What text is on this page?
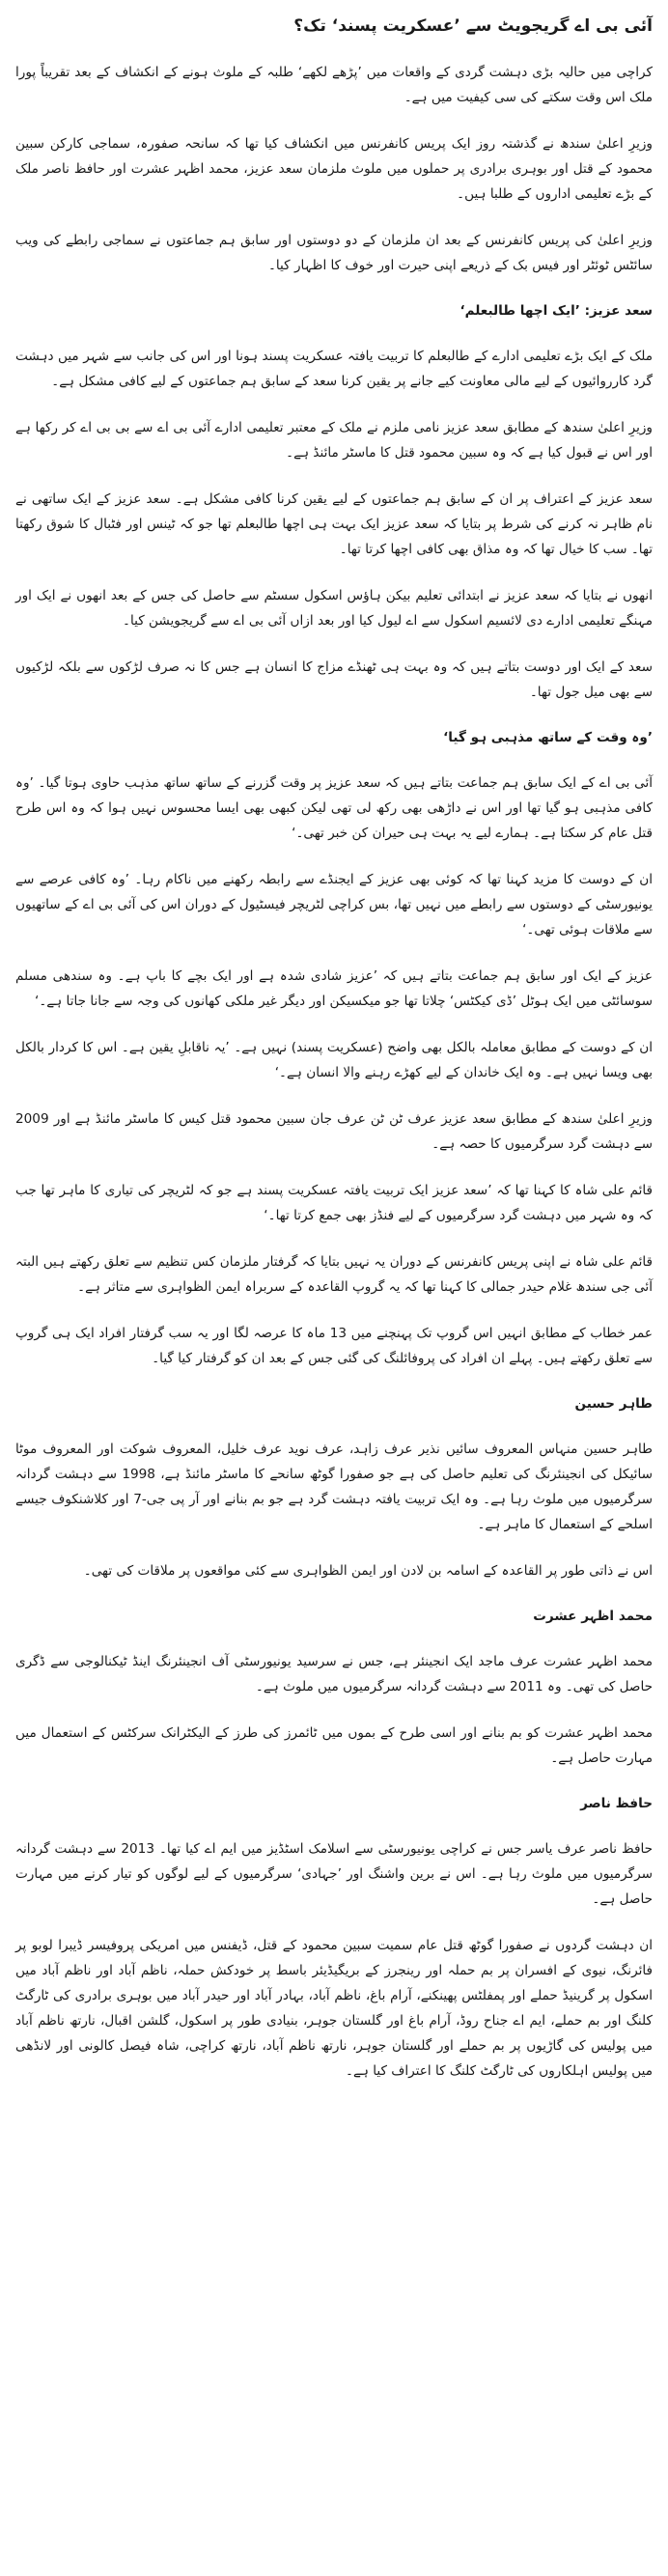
آئی بی اے گریجویٹ سے ’عسکریت پسند‘ تک؟

کراچی میں حالیہ بڑی دہشت گردی کے واقعات میں ’پڑھے لکھے‘ طلبہ کے ملوث ہونے کے انکشاف کے بعد تقریباً پورا ملک اس وقت سکتے کی سی کیفیت میں ہے۔

وزیرِ اعلیٰ سندھ نے گذشتہ روز ایک پریس کانفرنس میں انکشاف کیا تھا کہ سانحہ صفورہ، سماجی کارکن سبین محمود کے قتل اور بوہری برادری پر حملوں میں ملوث ملزمان سعد عزیز، محمد اظہر عشرت اور حافظ ناصر ملک کے بڑے تعلیمی اداروں کے طلبا ہیں۔

وزیرِ اعلیٰ کی پریس کانفرنس کے بعد ان ملزمان کے دو دوستوں اور سابق ہم جماعتوں نے سماجی رابطے کی ویب سائٹس ٹوئٹر اور فیس بک کے ذریعے اپنی حیرت اور خوف کا اظہار کیا۔

سعد عزیز: ’ایک اچھا طالبعلم‘

ملک کے ایک بڑے تعلیمی ادارے کے طالبعلم کا تربیت یافتہ عسکریت پسند ہونا اور اس کی جانب سے شہر میں دہشت گرد کارروائیوں کے لیے مالی معاونت کیے جانے پر یقین کرنا سعد کے سابق ہم جماعتوں کے لیے کافی مشکل ہے۔

وزیرِ اعلیٰ سندھ کے مطابق سعد عزیز نامی ملزم نے ملک کے معتبر تعلیمی ادارے آئی بی اے سے بی بی اے کر رکھا ہے اور اس نے قبول کیا ہے کہ وہ سبین محمود قتل کا ماسٹر مائنڈ ہے۔

سعد عزیز کے اعتراف پر ان کے سابق ہم جماعتوں کے لیے یقین کرنا کافی مشکل ہے۔ سعد عزیز کے ایک ساتھی نے نام ظاہر نہ کرنے کی شرط پر بتایا کہ سعد عزیز ایک بہت ہی اچھا طالبعلم تھا جو کہ ٹینس اور فٹبال کا شوق رکھتا تھا۔ سب کا خیال تھا کہ وہ مذاق بھی کافی اچھا کرتا تھا۔

انھوں نے بتایا کہ سعد عزیز نے ابتدائی تعلیم بیکن ہاؤس اسکول سسٹم سے حاصل کی جس کے بعد انھوں نے ایک اور مہنگے تعلیمی ادارے دی لائسیم اسکول سے اے لیول کیا اور بعد ازاں آئی بی اے سے گریجویشن کیا۔

سعد کے ایک اور دوست بتاتے ہیں کہ وہ بہت ہی ٹھنڈے مزاج کا انسان ہے جس کا نہ صرف لڑکوں سے بلکہ لڑکیوں سے بھی میل جول تھا۔

’وہ وقت کے ساتھ مذہبی ہو گیا‘

آئی بی اے کے ایک سابق ہم جماعت بتاتے ہیں کہ سعد عزیز پر وقت گزرنے کے ساتھ ساتھ مذہب حاوی ہوتا گیا۔ ’وہ کافی مذہبی ہو گیا تھا اور اس نے داڑھی بھی رکھ لی تھی لیکن کبھی بھی ایسا محسوس نہیں ہوا کہ وہ اس طرح قتل عام کر سکتا ہے۔ ہمارے لیے یہ بہت ہی حیران کن خبر تھی۔‘

ان کے دوست کا مزید کہنا تھا کہ کوئی بھی عزیز کے ایجنڈے سے رابطہ رکھنے میں ناکام رہا۔ ’وہ کافی عرصے سے یونیورسٹی کے دوستوں سے رابطے میں نہیں تھا، بس کراچی لٹریچر فیسٹیول کے دوران اس کی آئی بی اے کے ساتھیوں سے ملاقات ہوئی تھی۔‘

عزیز کے ایک اور سابق ہم جماعت بتاتے ہیں کہ ’عزیز شادی شدہ ہے اور ایک بچے کا باپ ہے۔ وہ سندھی مسلم سوسائٹی میں ایک ہوٹل ’ڈی کیکٹس‘ چلاتا تھا جو میکسیکن اور دیگر غیر ملکی کھانوں کی وجہ سے جانا جاتا ہے۔‘

ان کے دوست کے مطابق معاملہ بالکل بھی واضح (عسکریت پسند) نہیں ہے۔ ’یہ ناقابلِ یقین ہے۔ اس کا کردار بالکل بھی ویسا نہیں ہے۔ وہ ایک خاندان کے لیے کھڑے رہنے والا انسان ہے۔‘

وزیرِ اعلیٰ سندھ کے مطابق سعد عزیز عرف ٹن ٹن عرف جان سبین محمود قتل کیس کا ماسٹر مائنڈ ہے اور 2009 سے دہشت گرد سرگرمیوں کا حصہ ہے۔

قائم علی شاہ کا کہنا تھا کہ ’سعد عزیز ایک تربیت یافتہ عسکریت پسند ہے جو کہ لٹریچر کی تیاری کا ماہر تھا جب کہ وہ شہر میں دہشت گرد سرگرمیوں کے لیے فنڈز بھی جمع کرتا تھا۔‘

قائم علی شاہ نے اپنی پریس کانفرنس کے دوران یہ نہیں بتایا کہ گرفتار ملزمان کس تنظیم سے تعلق رکھتے ہیں البتہ آئی جی سندھ غلام حیدر جمالی کا کہنا تھا کہ یہ گروپ القاعدہ کے سربراہ ایمن الظواہری سے متاثر ہے۔

عمر خطاب کے مطابق انہیں اس گروپ تک پہنچنے میں 13 ماہ کا عرصہ لگا اور یہ سب گرفتار افراد ایک ہی گروپ سے تعلق رکھتے ہیں۔ پہلے ان افراد کی پروفائلنگ کی گئی جس کے بعد ان کو گرفتار کیا گیا۔

طاہر حسین

طاہر حسین منہاس المعروف سائیں نذیر عرف زاہد، عرف نوید عرف خلیل، المعروف شوکت اور المعروف موٹا سائیکل کی انجینئرنگ کی تعلیم حاصل کی ہے جو صفورا گوٹھ سانحے کا ماسٹر مائنڈ ہے، 1998 سے دہشت گردانہ سرگرمیوں میں ملوث رہا ہے۔ وہ ایک تربیت یافتہ دہشت گرد ہے جو بم بنانے اور آر پی جی-7 اور کلاشنکوف جیسے اسلحے کے استعمال کا ماہر ہے۔

اس نے ذاتی طور پر القاعدہ کے اسامہ بن لادن اور ایمن الظواہری سے کئی مواقعوں پر ملاقات کی تھی۔

محمد اظہر عشرت

محمد اظہر عشرت عرف ماجد ایک انجینئر ہے، جس نے سرسید یونیورسٹی آف انجینئرنگ اینڈ ٹیکنالوجی سے ڈگری حاصل کی تھی۔ وہ 2011 سے دہشت گردانہ سرگرمیوں میں ملوث ہے۔

محمد اظہر عشرت کو بم بنانے اور اسی طرح کے بموں میں ٹائمرز کی طرز کے الیکٹرانک سرکٹس کے استعمال میں مہارت حاصل ہے۔

حافظ ناصر

حافظ ناصر عرف یاسر جس نے کراچی یونیورسٹی سے اسلامک اسٹڈیز میں ایم اے کیا تھا۔ 2013 سے دہشت گردانہ سرگرمیوں میں ملوث رہا ہے۔ اس نے برین واشنگ اور ’جہادی‘ سرگرمیوں کے لیے لوگوں کو تیار کرنے میں مہارت حاصل ہے۔

ان دہشت گردوں نے صفورا گوٹھ قتل عام سمیت سبین محمود کے قتل، ڈیفنس میں امریکی پروفیسر ڈیبرا لوبو پر فائرنگ، نیوی کے افسران پر بم حملہ اور رینجرز کے بریگیڈیئر باسط پر خودکش حملہ، ناظم آباد اور ناظم آباد میں اسکول پر گرینیڈ حملے اور پمفلٹس پھینکنے، آرام باغ، ناظم آباد، بہادر آباد اور حیدر آباد میں بوہری برادری کی ٹارگٹ کلنگ اور بم حملے، ایم اے جناح روڈ، آرام باغ اور گلستان جوہر، بنیادی طور پر اسکول، گلشن اقبال، نارتھ ناظم آباد میں پولیس کی گاڑیوں پر بم حملے اور گلستان جوہر، نارتھ ناظم آباد، نارتھ کراچی، شاہ فیصل کالونی اور لانڈھی میں پولیس اہلکاروں کی ٹارگٹ کلنگ کا اعتراف کیا ہے۔
